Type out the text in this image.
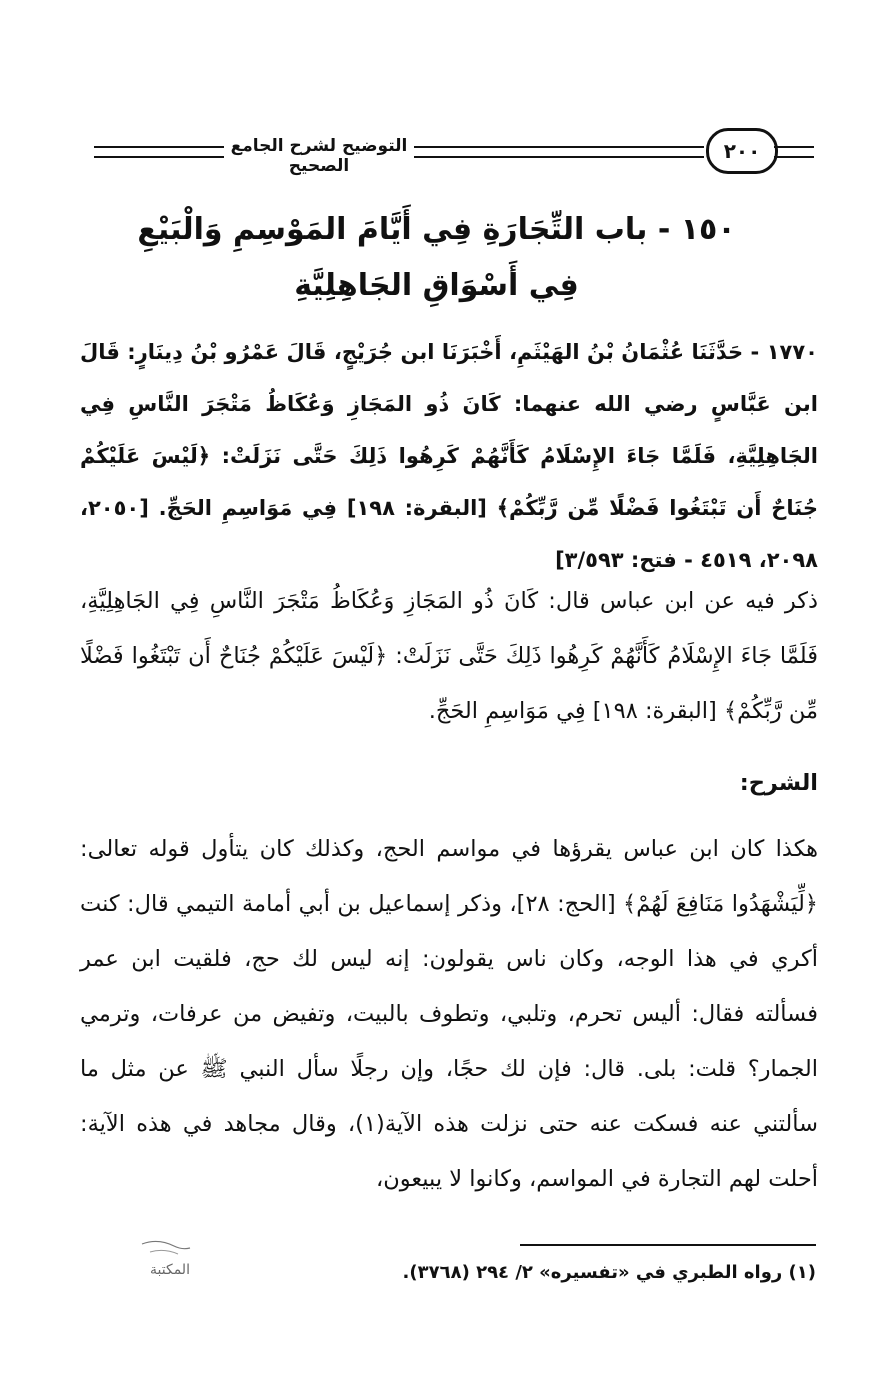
التوضيح لشرح الجامع الصحيح
٢٠٠
١٥٠ - باب التِّجَارَةِ فِي أَيَّامَ المَوْسِمِ وَالْبَيْعِ
فِي أَسْوَاقِ الجَاهِلِيَّةِ
١٧٧٠ - حَدَّثَنَا عُثْمَانُ بْنُ الهَيْثَمِ، أَخْبَرَنَا ابن جُرَيْجٍ، قَالَ عَمْرُو بْنُ دِينَارٍ: قَالَ ابن عَبَّاسٍ رضي الله عنهما: كَانَ ذُو المَجَازِ وَعُكَاظُ مَتْجَرَ النَّاسِ فِي الجَاهِلِيَّةِ، فَلَمَّا جَاءَ الإِسْلَامُ كَأَنَّهُمْ كَرِهُوا ذَلِكَ حَتَّى نَزَلَتْ: ﴿لَيْسَ عَلَيْكُمْ جُنَاحٌ أَن تَبْتَغُوا فَضْلًا مِّن رَّبِّكُمْ﴾ [البقرة: ١٩٨] فِي مَوَاسِمِ الحَجِّ. [٢٠٥٠، ٢٠٩٨، ٤٥١٩ - فتح: ٣/٥٩٣]
ذكر فيه عن ابن عباس قال: كَانَ ذُو المَجَازِ وَعُكَاظُ مَتْجَرَ النَّاسِ فِي الجَاهِلِيَّةِ، فَلَمَّا جَاءَ الإِسْلَامُ كَأَنَّهُمْ كَرِهُوا ذَلِكَ حَتَّى نَزَلَتْ: ﴿لَيْسَ عَلَيْكُمْ جُنَاحٌ أَن تَبْتَغُوا فَضْلًا مِّن رَّبِّكُمْ﴾ [البقرة: ١٩٨] فِي مَوَاسِمِ الحَجِّ.
الشرح:
هكذا كان ابن عباس يقرؤها في مواسم الحج، وكذلك كان يتأول قوله تعالى: ﴿لِّيَشْهَدُوا مَنَافِعَ لَهُمْ﴾ [الحج: ٢٨]، وذكر إسماعيل بن أبي أمامة التيمي قال: كنت أكري في هذا الوجه، وكان ناس يقولون: إنه ليس لك حج، فلقيت ابن عمر فسألته فقال: أليس تحرم، وتلبي، وتطوف بالبيت، وتفيض من عرفات، وترمي الجمار؟ قلت: بلى. قال: فإن لك حجًا، وإن رجلًا سأل النبي ﷺ عن مثل ما سألتني عنه فسكت عنه حتى نزلت هذه الآية(١)، وقال مجاهد في هذه الآية: أحلت لهم التجارة في المواسم، وكانوا لا يبيعون،
(١) رواه الطبري في «تفسيره» ٢/ ٢٩٤ (٣٧٦٨).
المكتبة
